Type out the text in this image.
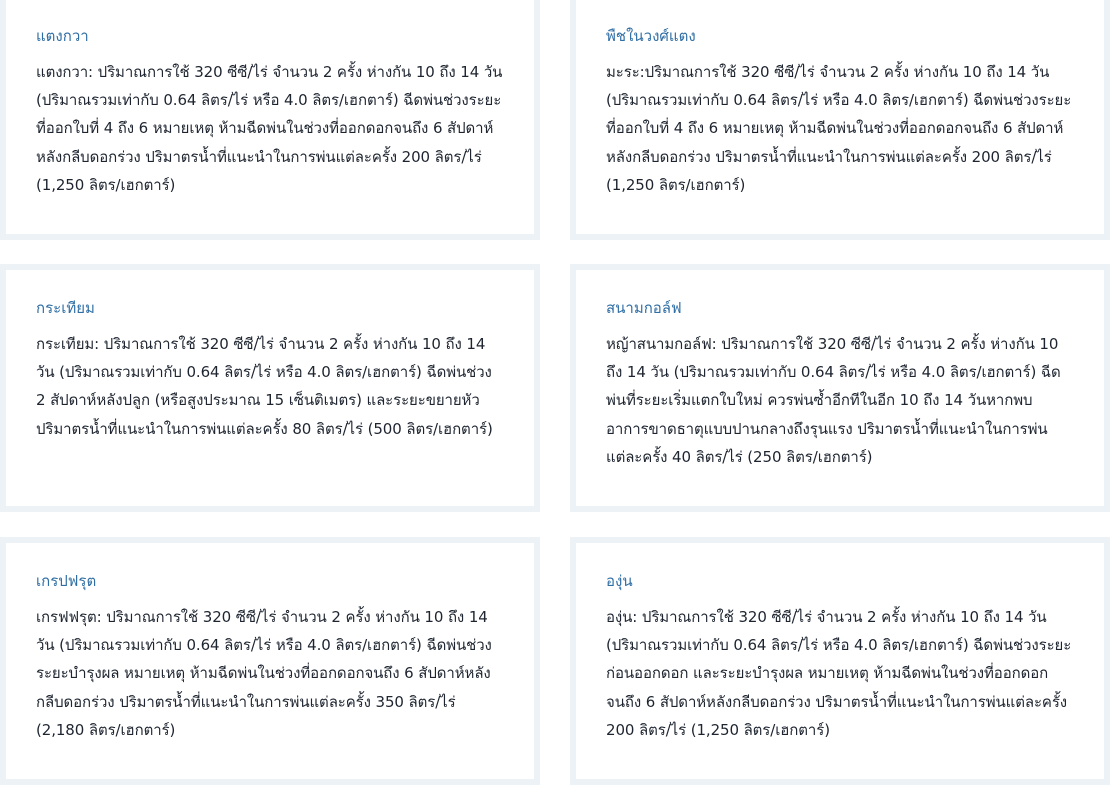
แตงกวา

แตงกวา: ปริมาณการใช้ 320 ซีซี/ไร่ จำนวน 2 ครั้ง ห่างกัน 10 ถึง 14 วัน (ปริมาณรวมเท่ากับ 0.64 ลิตร/ไร่ หรือ 4.0 ลิตร/เฮกตาร์) ฉีดพ่นช่วงระยะที่ออกใบที่ 4 ถึง 6 หมายเหตุ ห้ามฉีดพ่นในช่วงที่ออกดอกจนถึง 6 สัปดาห์หลังกลีบดอกร่วง ปริมาตรน้ำที่แนะนำในการพ่นแต่ละครั้ง 200 ลิตร/ไร่ (1,250 ลิตร/เฮกตาร์)

พืชในวงศ์แตง

มะระ:ปริมาณการใช้ 320 ซีซี/ไร่ จำนวน 2 ครั้ง ห่างกัน 10 ถึง 14 วัน (ปริมาณรวมเท่ากับ 0.64 ลิตร/ไร่ หรือ 4.0 ลิตร/เฮกตาร์) ฉีดพ่นช่วงระยะที่ออกใบที่ 4 ถึง 6 หมายเหตุ ห้ามฉีดพ่นในช่วงที่ออกดอกจนถึง 6 สัปดาห์หลังกลีบดอกร่วง ปริมาตรน้ำที่แนะนำในการพ่นแต่ละครั้ง 200 ลิตร/ไร่ (1,250 ลิตร/เฮกตาร์)

กระเทียม

กระเทียม: ปริมาณการใช้ 320 ซีซี/ไร่ จำนวน 2 ครั้ง ห่างกัน 10 ถึง 14 วัน (ปริมาณรวมเท่ากับ 0.64 ลิตร/ไร่ หรือ 4.0 ลิตร/เฮกตาร์) ฉีดพ่นช่วง 2 สัปดาห์หลังปลูก (หรือสูงประมาณ 15 เซ็นติเมตร) และระยะขยายหัว ปริมาตรน้ำที่แนะนำในการพ่นแต่ละครั้ง 80 ลิตร/ไร่ (500 ลิตร/เฮกตาร์)

สนามกอล์ฟ

หญ้าสนามกอล์ฟ: ปริมาณการใช้ 320 ซีซี/ไร่ จำนวน 2 ครั้ง ห่างกัน 10 ถึง 14 วัน (ปริมาณรวมเท่ากับ 0.64 ลิตร/ไร่ หรือ 4.0 ลิตร/เฮกตาร์) ฉีดพ่นที่ระยะเริ่มแตกใบใหม่ ควรพ่นซ้ำอีกทีในอีก 10 ถึง 14 วันหากพบอาการขาดธาตุแบบปานกลางถึงรุนแรง ปริมาตรน้ำที่แนะนำในการพ่นแต่ละครั้ง 40 ลิตร/ไร่ (250 ลิตร/เฮกตาร์)

เกรปฟรุต

เกรฟฟรุต: ปริมาณการใช้ 320 ซีซี/ไร่ จำนวน 2 ครั้ง ห่างกัน 10 ถึง 14 วัน (ปริมาณรวมเท่ากับ 0.64 ลิตร/ไร่ หรือ 4.0 ลิตร/เฮกตาร์) ฉีดพ่นช่วงระยะบำรุงผล หมายเหตุ ห้ามฉีดพ่นในช่วงที่ออกดอกจนถึง 6 สัปดาห์หลังกลีบดอกร่วง ปริมาตรน้ำที่แนะนำในการพ่นแต่ละครั้ง 350 ลิตร/ไร่ (2,180 ลิตร/เฮกตาร์)

องุ่น

องุ่น: ปริมาณการใช้ 320 ซีซี/ไร่ จำนวน 2 ครั้ง ห่างกัน 10 ถึง 14 วัน (ปริมาณรวมเท่ากับ 0.64 ลิตร/ไร่ หรือ 4.0 ลิตร/เฮกตาร์) ฉีดพ่นช่วงระยะก่อนออกดอก และระยะบำรุงผล หมายเหตุ ห้ามฉีดพ่นในช่วงที่ออกดอกจนถึง 6 สัปดาห์หลังกลีบดอกร่วง ปริมาตรน้ำที่แนะนำในการพ่นแต่ละครั้ง 200 ลิตร/ไร่ (1,250 ลิตร/เฮกตาร์)
